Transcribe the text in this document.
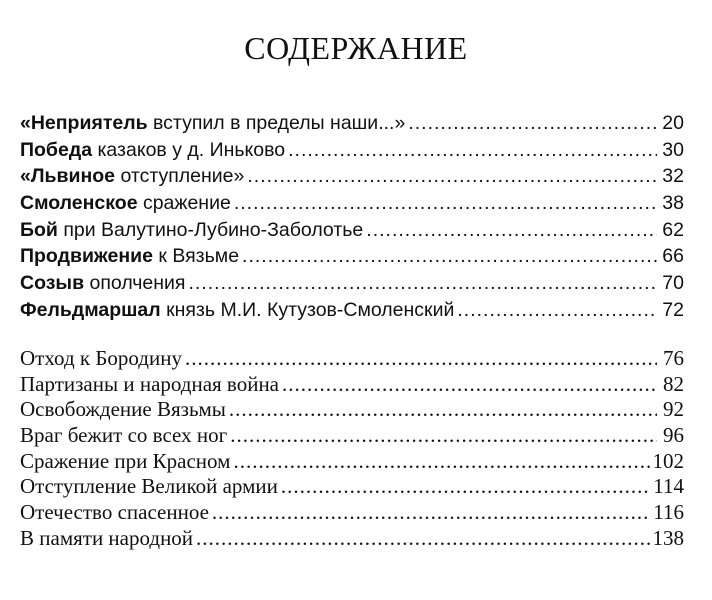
СОДЕРЖАНИЕ
«Неприятель вступил в пределы наши...» .....	20
Победа казаков у д. Иньково .....	30
«Львиное отступление» .....	32
Смоленское сражение .....	38
Бой при Валутино-Лубино-Заболотье .....	62
Продвижение к Вязьме .....	66
Созыв ополчения .....	70
Фельдмаршал князь М.И. Кутузов-Смоленский .....	72
Отход к Бородину .....	76
Партизаны и народная война .....	82
Освобождение Вязьмы .....	92
Враг бежит со всех ног .....	96
Сражение при Красном .....	102
Отступление Великой армии .....	114
Отечество спасенное .....	116
В памяти народной .....	138
